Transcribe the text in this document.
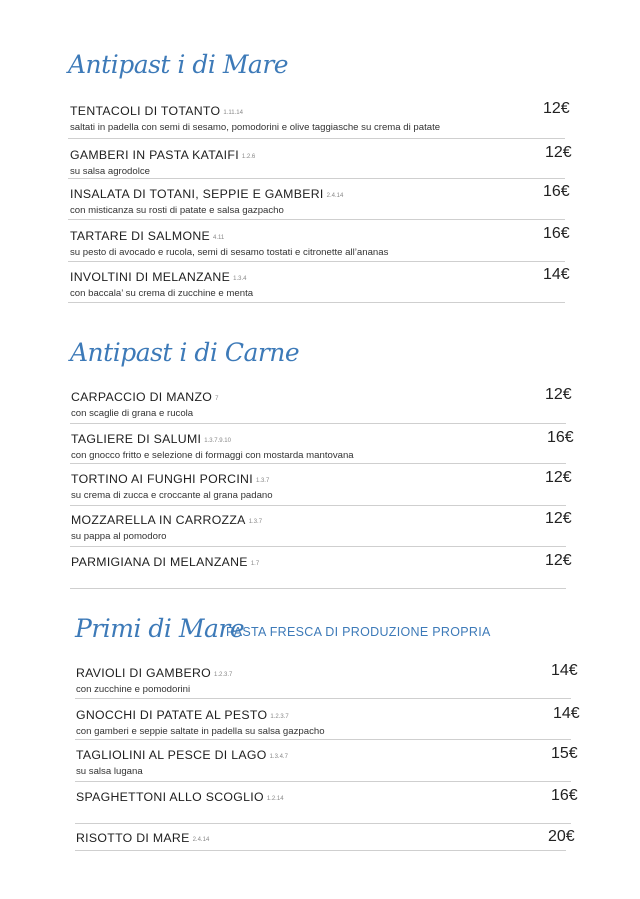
Antipast i di Mare
TENTACOLI DI TOTANTO 1.11.14
saltati in padella con semi di sesamo, pomodorini e olive taggiasche su crema di patate
12€
GAMBERI IN PASTA KATAIFI 1.2.6
su salsa agrodolce
12€
INSALATA DI TOTANI, SEPPIE E GAMBERI 2.4.14
con misticanza su rosti di patate e salsa gazpacho
16€
TARTARE DI SALMONE 4.11
su pesto di avocado e rucola, semi di sesamo tostati e citronette all’ananas
16€
INVOLTINI DI MELANZANE 1.3.4
con baccala’ su crema di zucchine e menta
14€
Antipast i di Carne
CARPACCIO DI MANZO 7
con scaglie di grana e rucola
12€
TAGLIERE DI SALUMI 1.3.7.9.10
con gnocco fritto e selezione di formaggi con mostarda mantovana
16€
TORTINO AI FUNGHI PORCINI 1.3.7
su crema di zucca e croccante al grana padano
12€
MOZZARELLA IN CARROZZA 1.3.7
su pappa al pomodoro
12€
PARMIGIANA DI MELANZANE 1.7	12€
Primi di Mare
PASTA FRESCA DI PRODUZIONE PROPRIA
RAVIOLI DI GAMBERO 1.2.3.7
con zucchine e pomodorini
14€
GNOCCHI DI PATATE AL PESTO 1.2.3.7
con gamberi e seppie saltate in padella su salsa gazpacho
14€
TAGLIOLINI AL PESCE DI LAGO 1.3.4.7
su salsa lugana
15€
SPAGHETTONI ALLO SCOGLIO 1.2.14	16€
RISOTTO DI MARE 2.4.14	20€
